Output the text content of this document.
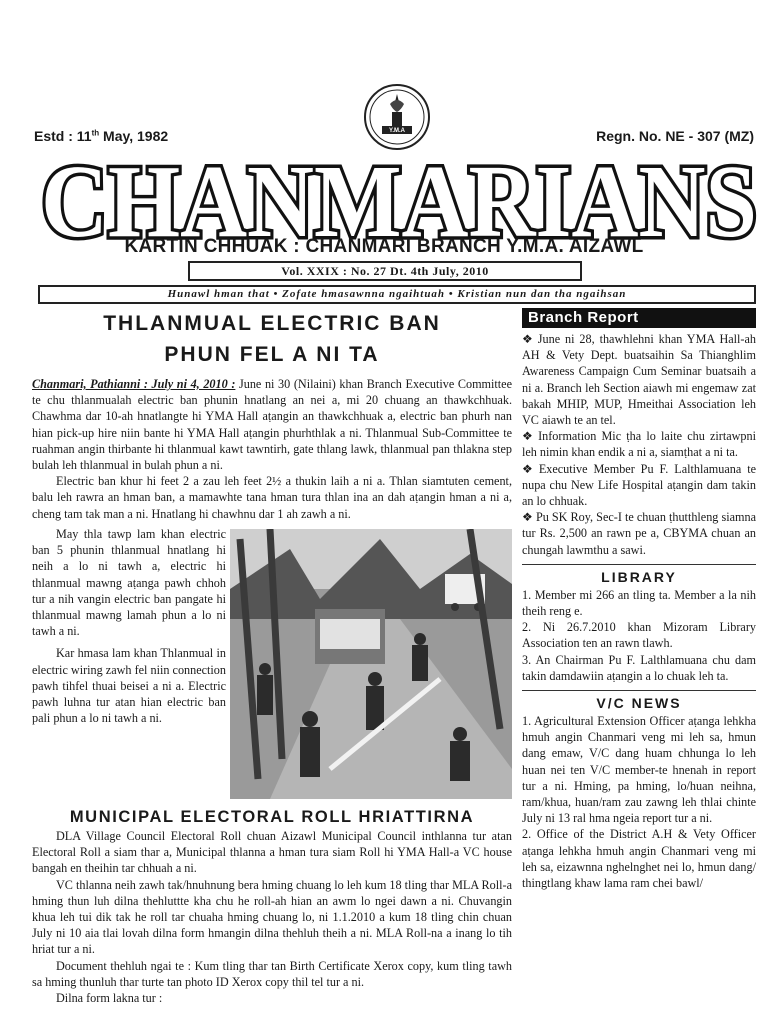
Y.M.A
Estd : 11th May, 1982	Regn. No. NE - 307 (MZ)
CHANMARIANS
KARTIN CHHUAK : CHANMARI BRANCH Y.M.A. AIZAWL
Vol. XXIX : No. 27 Dt. 4th July, 2010
Hunawl hman that • Zofate hmasawnna ngaihtuah • Kristian nun dan tha ngaihsan
THLANMUAL ELECTRIC BAN
PHUN FEL A NI TA

Chanmari, Pathianni : July ni 4, 2010 : June ni 30 (Nilaini) khan Branch Executive Committee te chu thlanmualah electric ban phunin hnatlang an nei a, mi 20 chuang an thawkchhuak. Chawhma dar 10-ah hnatlangte hi YMA Hall aṭangin an thawkchhuak a, electric ban phurh nan hian pick-up hire niin bante hi YMA Hall aṭangin phurhthlak a ni. Thlanmual Sub-Committee te ruahman angin thirbante hi thlanmual kawt tawntirh, gate thlang lawk, thlanmual pan thlakna step bulah leh thlanmual in bulah phun a ni.

Electric ban khur hi feet 2 a zau leh feet 2½ a thukin laih a ni a. Thlan siamtuten cement, balu leh rawra an hman ban, a mamawhte tana hman tura thlan ina an dah aṭangin hman a ni a, cheng tam tak man a ni. Hnatlang hi chawhnu dar 1 ah zawh a ni.

May thla tawp lam khan electric ban 5 phunin thlanmual hnatlang hi neih a lo ni tawh a, electric hi thlanmual mawng aṭanga pawh chhoh tur a nih vangin electric ban pangate hi thlanmual mawng lamah phun a lo ni tawh a ni.

Kar hmasa lam khan Thlanmual in electric wiring zawh fel niin connection pawh tihfel thuai beisei a ni a. Electric pawh luhna tur atan hian electric ban pali phun a lo ni tawh a ni.

MUNICIPAL ELECTORAL ROLL HRIATTIRNA

DLA Village Council Electoral Roll chuan Aizawl Municipal Council inthlanna tur atan Electoral Roll a siam thar a, Municipal thlanna a hman tura siam Roll hi YMA Hall-a VC house bangah en theihin tar chhuah a ni.

VC thlanna neih zawh tak/hnuhnung bera hming chuang lo leh kum 18 tling thar MLA Roll-a hming thun luh dilna thehluttte kha chu he roll-ah hian an awm lo ngei dawn a ni. Chuvangin khua leh tui dik tak he roll tar chuaha hming chuang lo, ni 1.1.2010 a kum 18 tling chin chuan July ni 10 aia tlai lovah dilna form hmangin dilna thehluh theih a ni. MLA Roll-na a inang lo tih hriat tur a ni.

Document thehluh ngai te : Kum tling thar tan Birth Certificate Xerox copy, kum tling tawh sa hming thunluh thar turte tan photo ID Xerox copy thil tel tur a ni.

Dilna form lakna tur :

Branch Report

❖ June ni 28, thawhlehni khan YMA Hall-ah AH & Vety Dept. buatsaihin Sa Thianghlim Awareness Campaign Cum Seminar buatsaih a ni a. Branch leh Section aiawh mi engemaw zat bakah MHIP, MUP, Hmeithai Association leh VC aiawh te an tel.

❖ Information Mic ṭha lo laite chu zirtawpni leh nimin khan endik a ni a, siamṭhat a ni ta.

❖ Executive Member Pu F. Lalthlamuana te nupa chu New Life Hospital aṭangin dam takin an lo chhuak.

❖ Pu SK Roy, Sec-I te chuan ṭhutthleng siamna tur Rs. 2,500 an rawn pe a, CBYMA chuan an chungah lawmthu a sawi.

LIBRARY

1. Member mi 266 an tling ta. Member a la nih theih reng e.

2. Ni 26.7.2010 khan Mizoram Library Association ten an rawn tlawh.

3. An Chairman Pu F. Lalthlamuana chu dam takin damdawiin aṭangin a lo chuak leh ta.

V/C NEWS

1. Agricultural Extension Officer aṭanga lehkha hmuh angin Chanmari veng mi leh sa, hmun dang emaw, V/C dang huam chhunga lo leh huan nei ten V/C member-te hnenah in report tur a ni. Hming, pa hming, lo/huan neihna, ram/khua, huan/ram zau zawng leh thlai chinte July ni 13 ral hma ngeia report tur a ni.

2. Office of the District A.H & Vety Officer aṭanga lehkha hmuh angin Chanmari veng mi leh sa, eizawnna nghelnghet nei lo, hmun dang/ thingtlang khaw lama ram chei bawl/
